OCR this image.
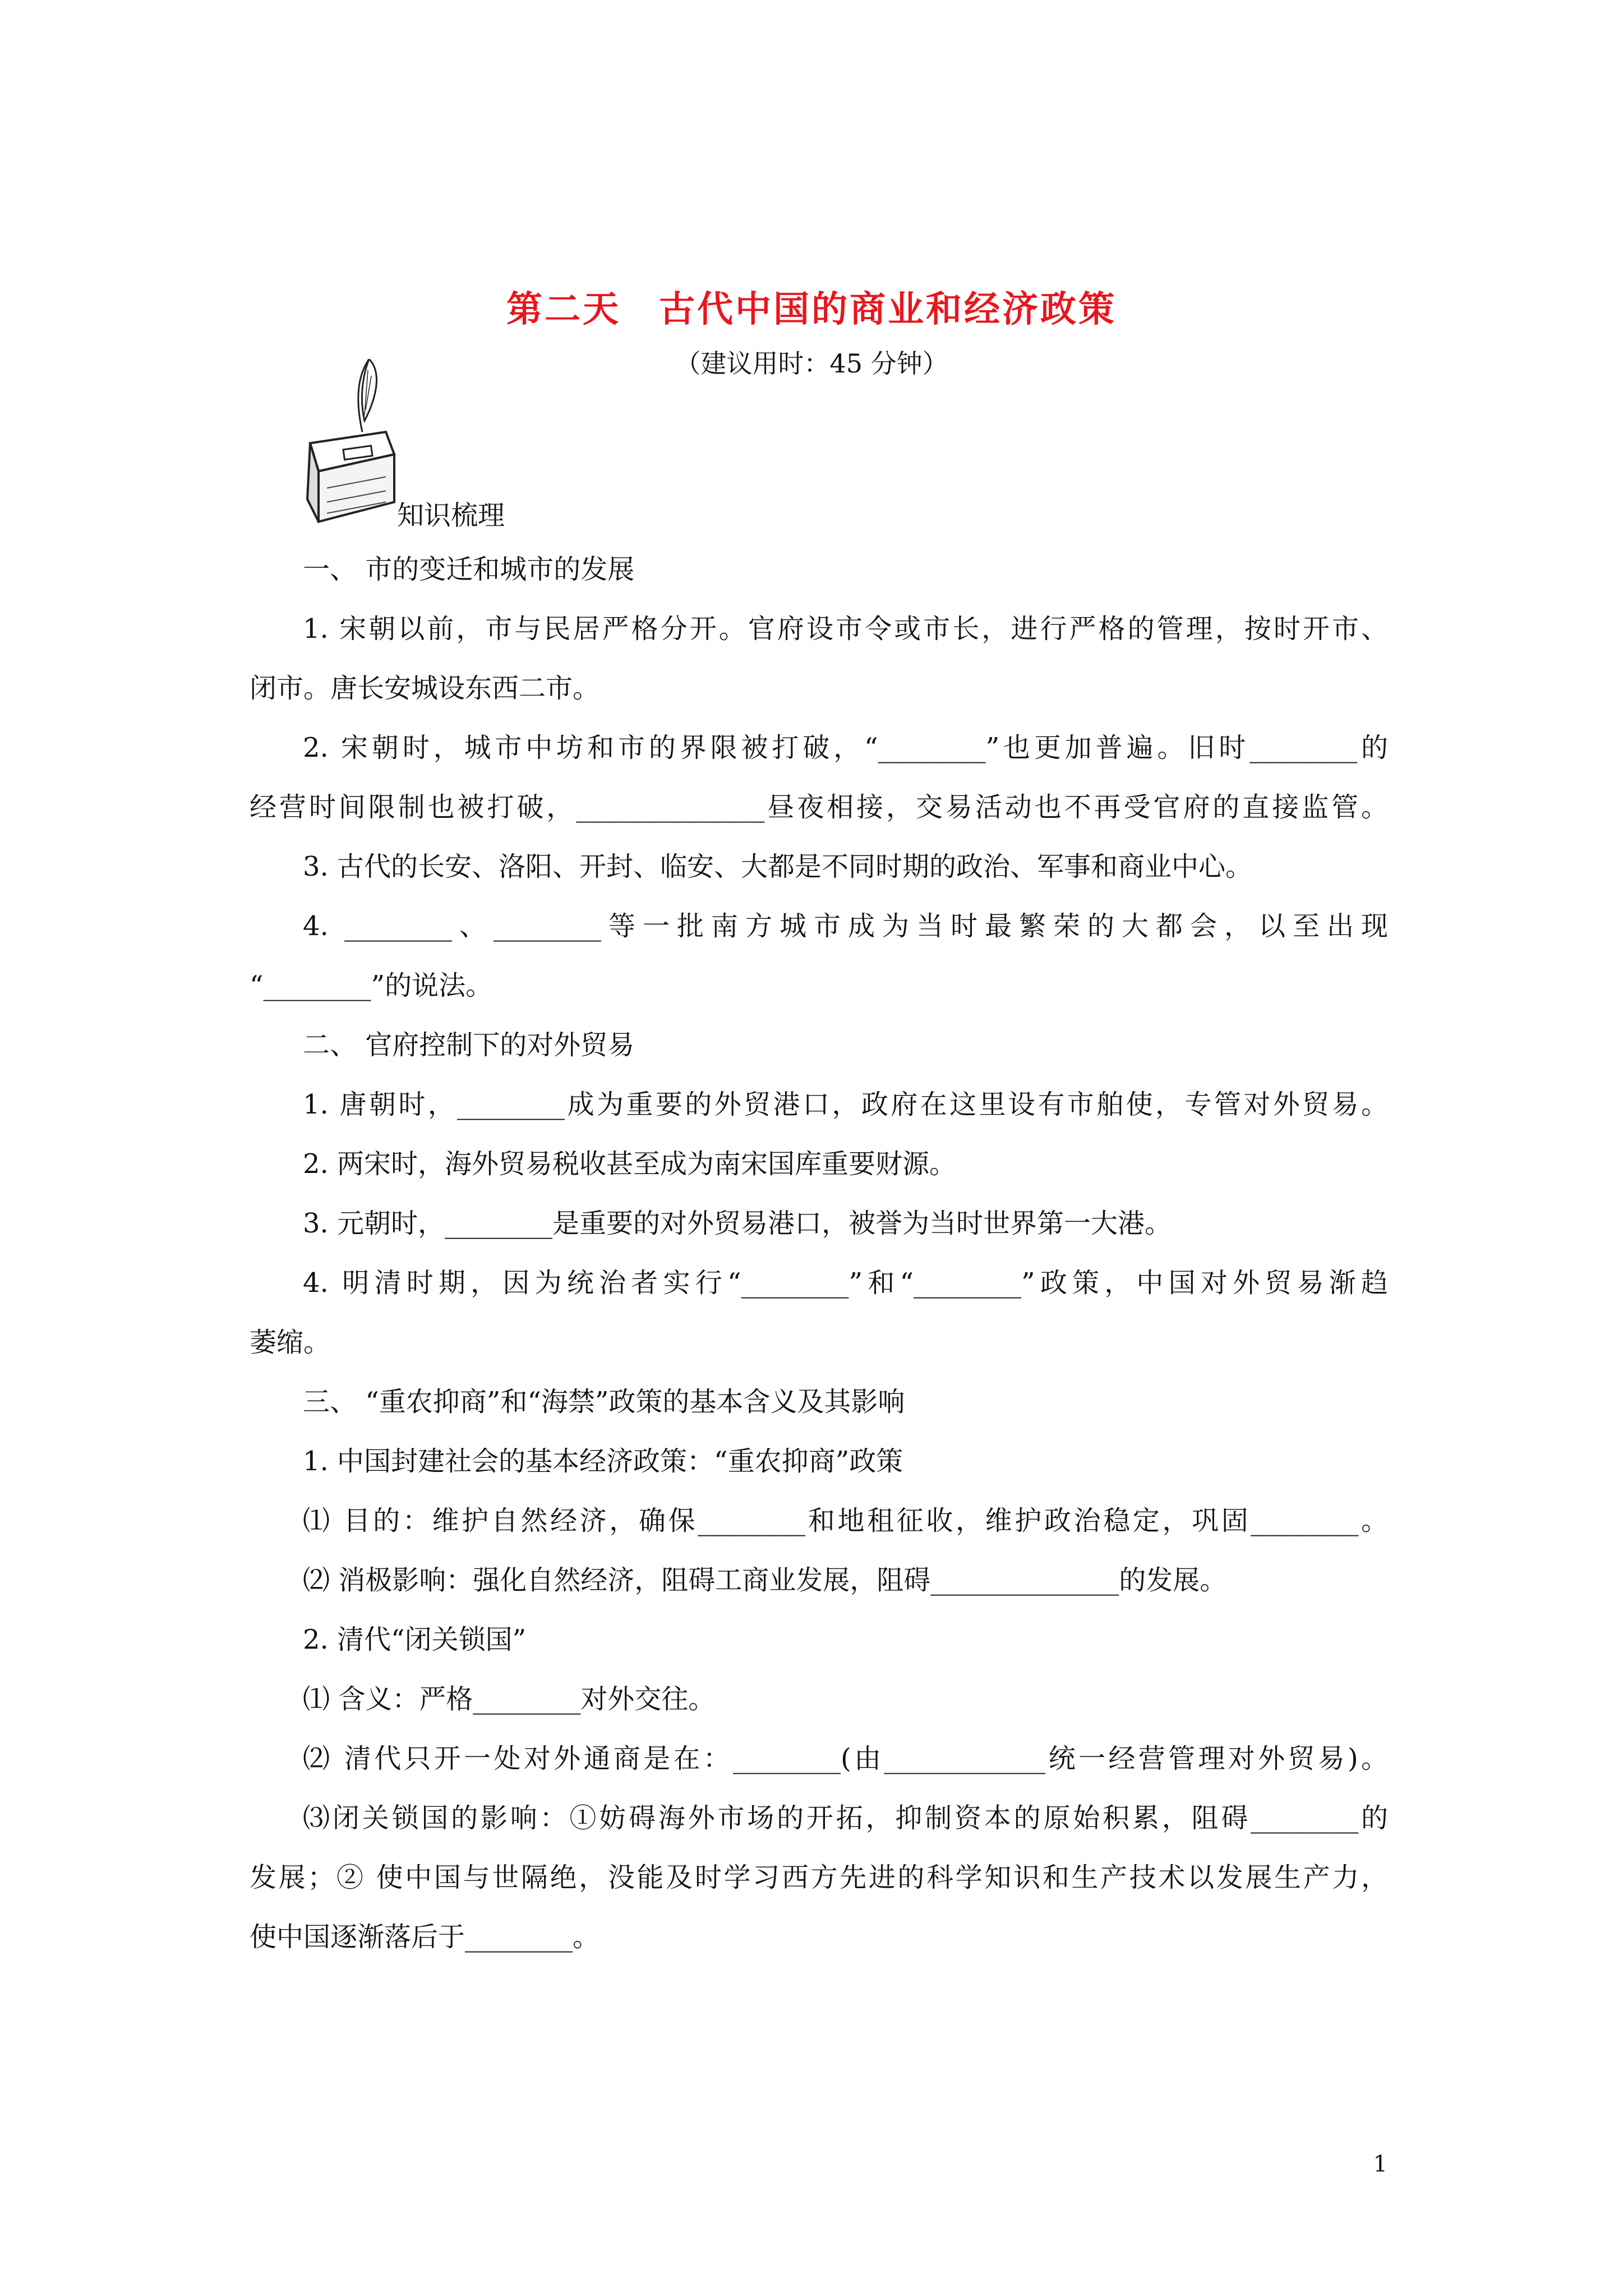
第二天　古代中国的商业和经济政策
（建议用时：45 分钟）
知识梳理
一、 市的变迁和城市的发展
1. 宋朝以前，市与民居严格分开。官府设市令或市长，进行严格的管理，按时开市、
闭市。唐长安城设东西二市。
2. 宋朝时，城市中坊和市的界限被打破，“________”也更加普遍。旧时________的
经营时间限制也被打破，______________昼夜相接，交易活动也不再受官府的直接监管。
3. 古代的长安、洛阳、开封、临安、大都是不同时期的政治、军事和商业中心。
4. ________、________等一批南方城市成为当时最繁荣的大都会，以至出现
“________”的说法。
二、 官府控制下的对外贸易
1. 唐朝时，________成为重要的外贸港口，政府在这里设有市舶使，专管对外贸易。
2. 两宋时，海外贸易税收甚至成为南宋国库重要财源。
3. 元朝时，________是重要的对外贸易港口，被誉为当时世界第一大港。
4. 明清时期，因为统治者实行“________”和“________”政策，中国对外贸易渐趋
萎缩。
三、 “重农抑商”和“海禁”政策的基本含义及其影响
1. 中国封建社会的基本经济政策：“重农抑商”政策
⑴ 目的：维护自然经济，确保________和地租征收，维护政治稳定，巩固________。
⑵ 消极影响：强化自然经济，阻碍工商业发展，阻碍______________的发展。
2. 清代“闭关锁国”
⑴ 含义：严格________对外交往。
⑵ 清代只开一处对外通商是在：________(由____________统一经营管理对外贸易)。
⑶闭关锁国的影响：①妨碍海外市场的开拓，抑制资本的原始积累，阻碍________的
发展；② 使中国与世隔绝，没能及时学习西方先进的科学知识和生产技术以发展生产力，
使中国逐渐落后于________。
1
